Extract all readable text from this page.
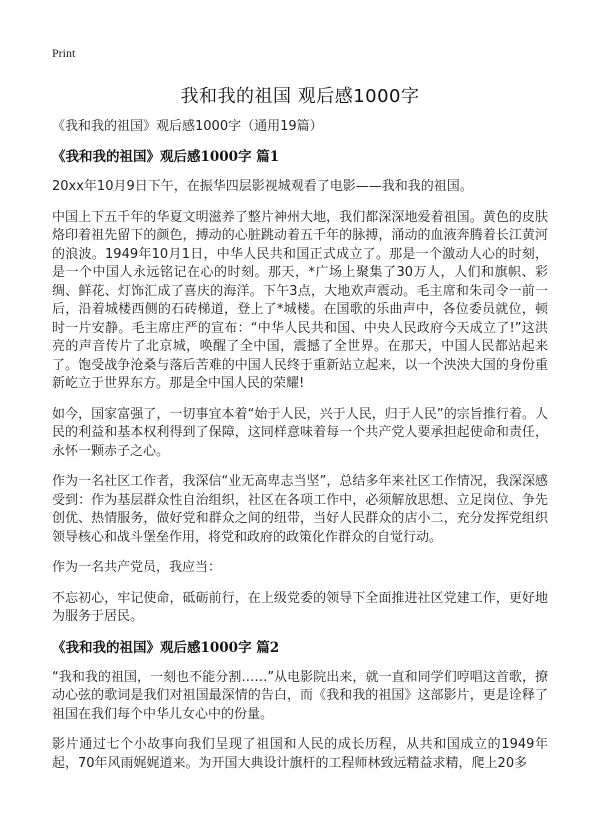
Print
我和我的祖国 观后感1000字
《我和我的祖国》观后感1000字（通用19篇）
《我和我的祖国》观后感1000字 篇1

20xx年10月9日下午，在振华四层影视城观看了电影——我和我的祖国。

中国上下五千年的华夏文明滋养了整片神州大地，我们都深深地爱着祖国。黄色的皮肤烙印着祖先留下的颜色，搏动的心脏跳动着五千年的脉搏，涌动的血液奔腾着长江黄河的浪波。1949年10月1日，中华人民共和国正式成立了。那是一个激动人心的时刻，是一个中国人永远铭记在心的时刻。那天，*广场上聚集了30万人，人们和旗帜、彩绸、鲜花、灯饰汇成了喜庆的海洋。下午3点，大地欢声震动。毛主席和朱司令一前一后，沿着城楼西侧的石砖梯道，登上了*城楼。在国歌的乐曲声中，各位委员就位，顿时一片安静。毛主席庄严的宣布：“中华人民共和国、中央人民政府今天成立了!”这洪亮的声音传片了北京城，唤醒了全中国，震撼了全世界。在那天，中国人民都站起来了。饱受战争沧桑与落后苦难的中国人民终于重新站立起来，以一个泱泱大国的身份重新屹立于世界东方。那是全中国人民的荣耀!

如今，国家富强了，一切事宜本着“始于人民，兴于人民，归于人民”的宗旨推行着。人民的利益和基本权利得到了保障，这同样意味着每一个共产党人要承担起使命和责任，永怀一颗赤子之心。

作为一名社区工作者，我深信“业无高卑志当坚”，总结多年来社区工作情况，我深深感受到：作为基层群众性自治组织，社区在各项工作中，必须解放思想、立足岗位、争先创优、热情服务，做好党和群众之间的纽带，当好人民群众的店小二，充分发挥党组织领导核心和战斗堡垒作用，将党和政府的政策化作群众的自觉行动。

作为一名共产党员，我应当：

不忘初心，牢记使命，砥砺前行，在上级党委的领导下全面推进社区党建工作，更好地为服务于居民。

《我和我的祖国》观后感1000字 篇2

“我和我的祖国，一刻也不能分割……”从电影院出来，就一直和同学们哼唱这首歌，撩动心弦的歌词是我们对祖国最深情的告白，而《我和我的祖国》这部影片，更是诠释了祖国在我们每个中华儿女心中的份量。

影片通过七个小故事向我们呈现了祖国和人民的成长历程，从共和国成立的1949年起，70年风雨娓娓道来。为开国大典设计旗杆的工程师林致远精益求精，爬上20多
